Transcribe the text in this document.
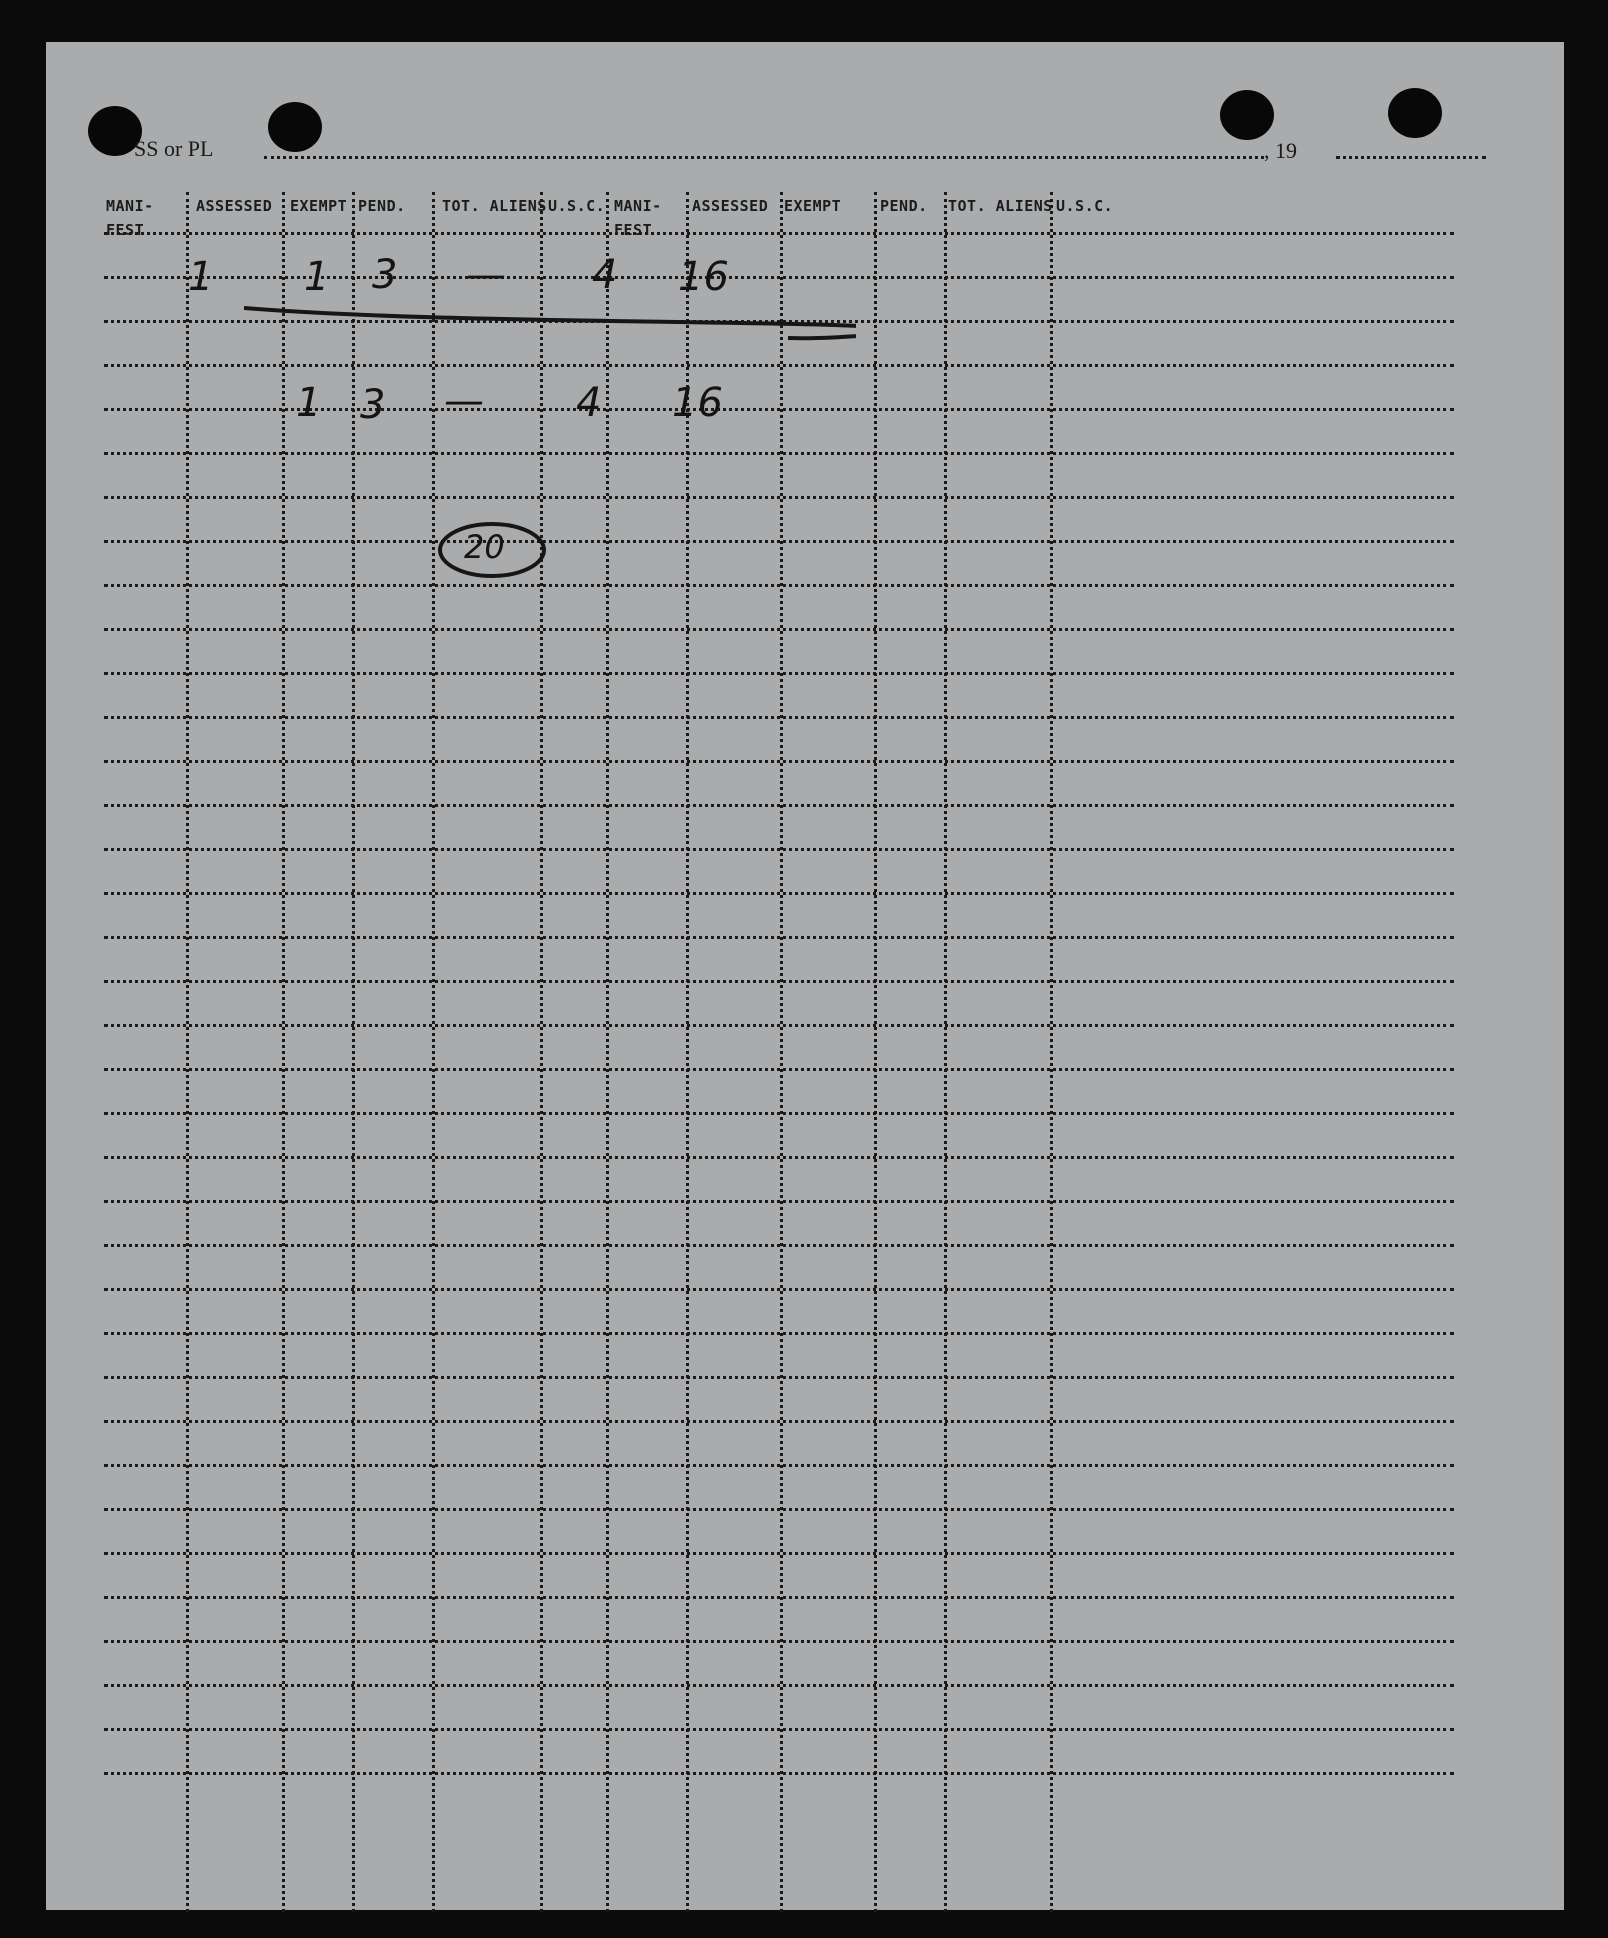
SS or PL	, 19
MANI-
FEST
ASSESSED EXEMPT PEND. TOT. ALIENS U.S.C. MANI-
FEST
ASSESSED EXEMPT	PEND. TOT. ALIENS U.S.C.
1 1 3 — 4 16
1 3 — 4 16
20
